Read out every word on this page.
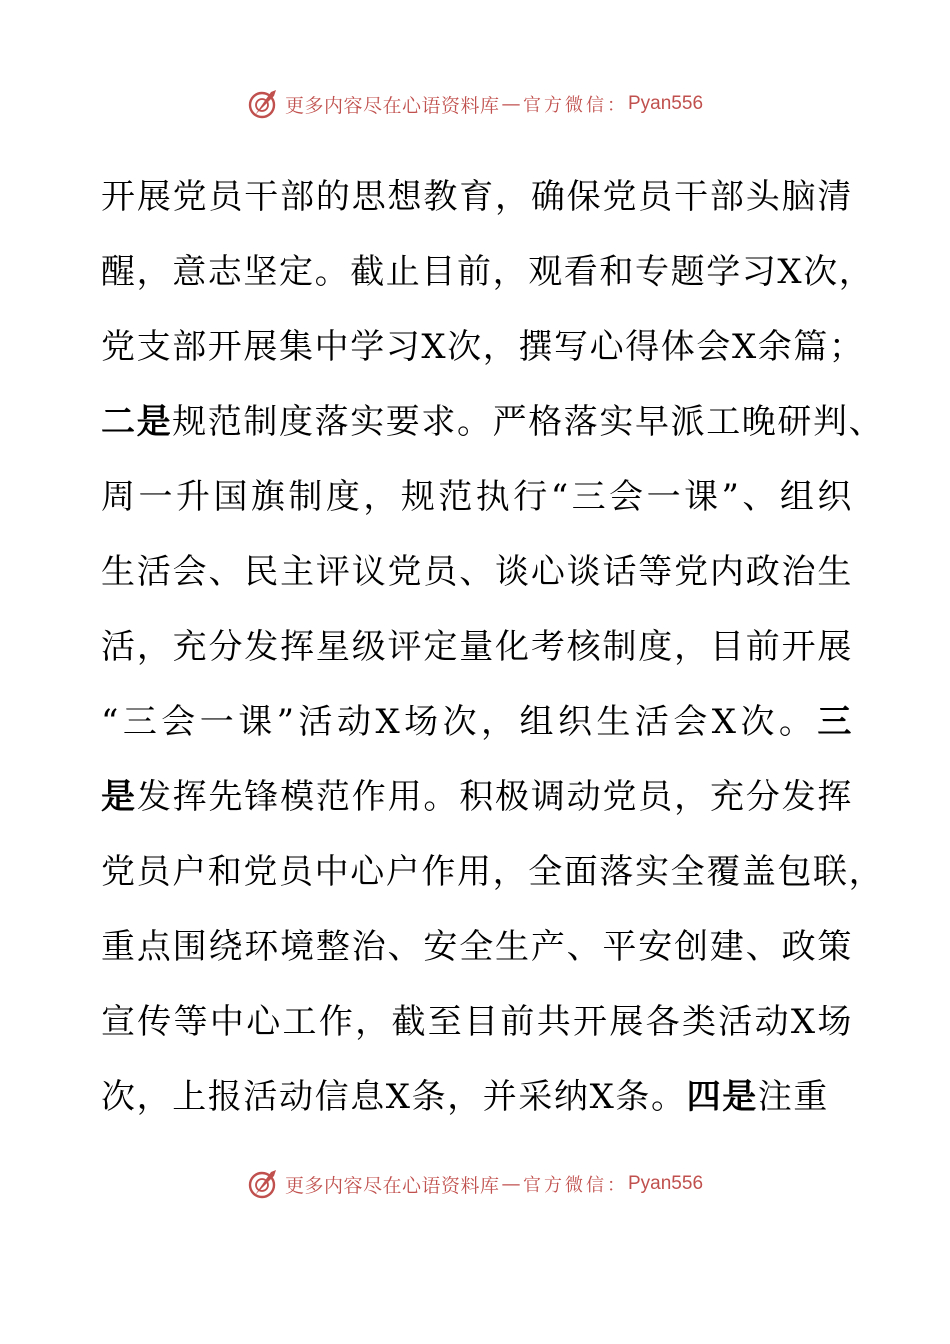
更多内容尽在心语资料库 — 官方微信： Pyan556
开展党员干部的思想教育，确保党员干部头脑清
醒，意志坚定。截止目前，观看和专题学习X次，
党支部开展集中学习X次，撰写心得体会X余篇；
二是规范制度落实要求。严格落实早派工晚研判、
周一升国旗制度，规范执行“三会一课”、组织
生活会、民主评议党员、谈心谈话等党内政治生
活，充分发挥星级评定量化考核制度，目前开展
“三会一课”活动X场次，组织生活会X次。三
是发挥先锋模范作用。积极调动党员，充分发挥
党员户和党员中心户作用，全面落实全覆盖包联，
重点围绕环境整治、安全生产、平安创建、政策
宣传等中心工作，截至目前共开展各类活动X场
次，上报活动信息X条，并采纳X条。四是注重
更多内容尽在心语资料库 — 官方微信： Pyan556
